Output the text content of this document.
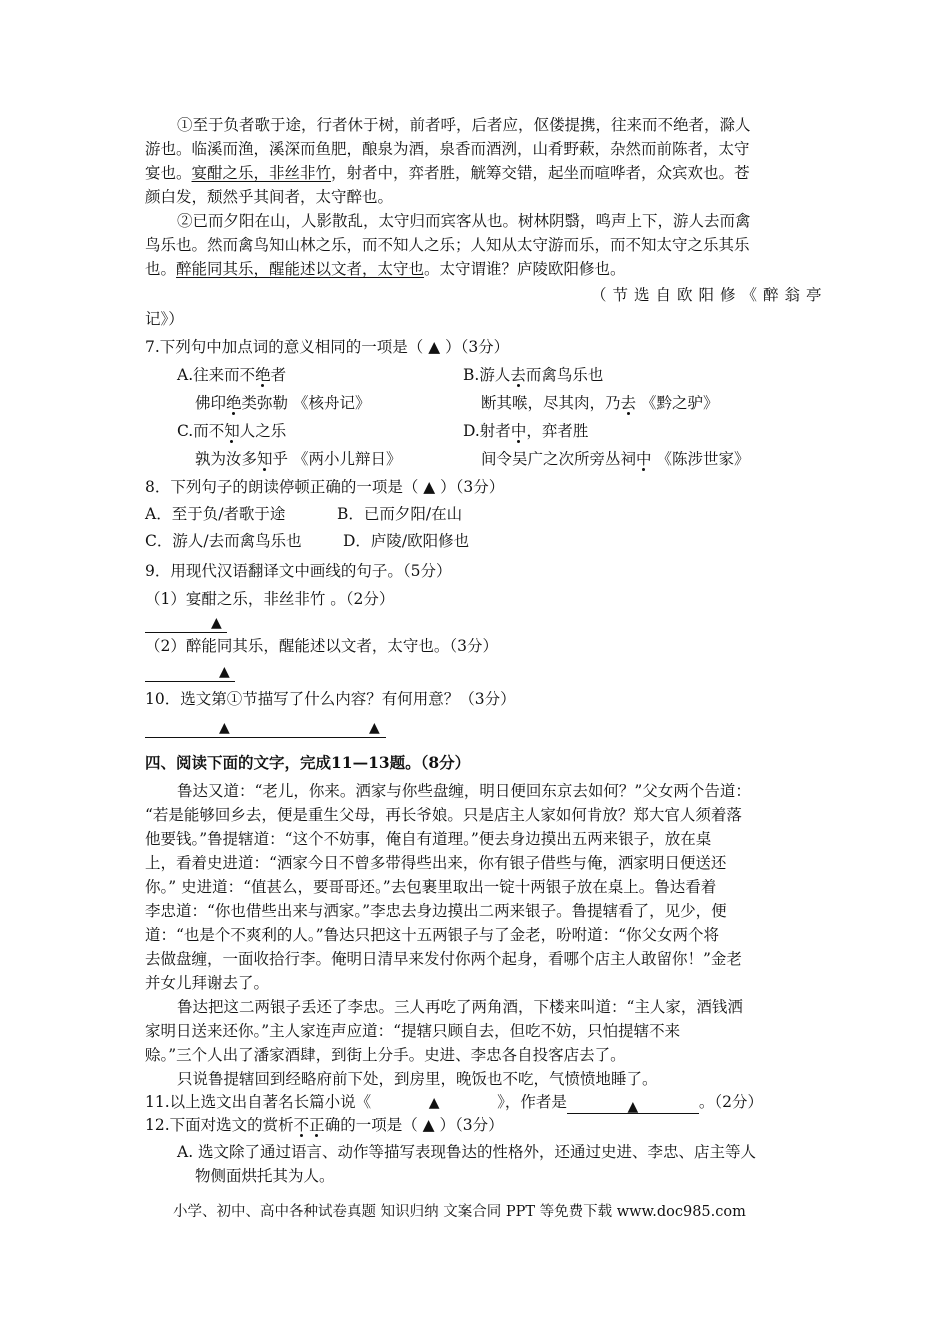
①至于负者歌于途，行者休于树，前者呼，后者应，伛偻提携，往来而不绝者，滁人
游也。临溪而渔，溪深而鱼肥，酿泉为酒，泉香而酒洌，山肴野蔌，杂然而前陈者，太守
宴也。宴酣之乐，非丝非竹，射者中，弈者胜，觥筹交错，起坐而喧哗者，众宾欢也。苍
颜白发，颓然乎其间者，太守醉也。
②已而夕阳在山，人影散乱，太守归而宾客从也。树林阴翳，鸣声上下，游人去而禽
鸟乐也。然而禽鸟知山林之乐，而不知人之乐；人知从太守游而乐，而不知太守之乐其乐
也。醉能同其乐，醒能述以文者，太守也。太守谓谁？庐陵欧阳修也。
（节选自欧阳修《醉翁亭
记》）
7.下列句中加点词的意义相同的一项是（ ▲ ）（3分）
A.往来而不绝者	B.游人去而禽鸟乐也
佛印绝类弥勒 《核舟记》	断其喉，尽其肉，乃去 《黔之驴》
C.而不知人之乐	D.射者中，弈者胜
孰为汝多知乎 《两小儿辩日》	间令吴广之次所旁丛祠中 《陈涉世家》
8．下列句子的朗读停顿正确的一项是（ ▲ ）（3分）
A．至于负/者歌于途	B．已而夕阳/在山
C．游人/去而禽鸟乐也	D．庐陵/欧阳修也
9．用现代汉语翻译文中画线的句子。（5分）
（1）宴酣之乐，非丝非竹 。（2分）
▲
（2）醉能同其乐，醒能述以文者，太守也。（3分）
▲
10．选文第①节描写了什么内容？有何用意？（3分）
▲	▲
四、阅读下面的文字，完成11—13题。（8分）
鲁达又道：“老儿，你来。洒家与你些盘缠，明日便回东京去如何？”父女两个告道：
“若是能够回乡去，便是重生父母，再长爷娘。只是店主人家如何肯放？郑大官人须着落
他要钱。”鲁提辖道：“这个不妨事，俺自有道理。”便去身边摸出五两来银子，放在桌
上，看着史进道：“洒家今日不曾多带得些出来，你有银子借些与俺，洒家明日便送还
你。” 史进道：“值甚么，要哥哥还。”去包裹里取出一锭十两银子放在桌上。鲁达看着
李忠道：“你也借些出来与洒家。”李忠去身边摸出二两来银子。鲁提辖看了，见少，便
道：“也是个不爽利的人。”鲁达只把这十五两银子与了金老，吩咐道：“你父女两个将
去做盘缠，一面收拾行李。俺明日清早来发付你两个起身，看哪个店主人敢留你！”金老
并女儿拜谢去了。
鲁达把这二两银子丢还了李忠。三人再吃了两角酒，下楼来叫道：“主人家，酒钱洒
家明日送来还你。”主人家连声应道：“提辖只顾自去，但吃不妨，只怕提辖不来
赊。”三个人出了潘家酒肆，到街上分手。史进、李忠各自投客店去了。
只说鲁提辖回到经略府前下处，到房里，晚饭也不吃，气愤愤地睡了。
11.以上选文出自著名长篇小说《	▲	》，作者是	▲	。（2分）
12.下面对选文的赏析不正确的一项是（ ▲ ）（3分）
A. 选文除了通过语言、动作等描写表现鲁达的性格外，还通过史进、李忠、店主等人
物侧面烘托其为人。
小学、初中、高中各种试卷真题 知识归纳 文案合同 PPT 等免费下载 www.doc985.com
